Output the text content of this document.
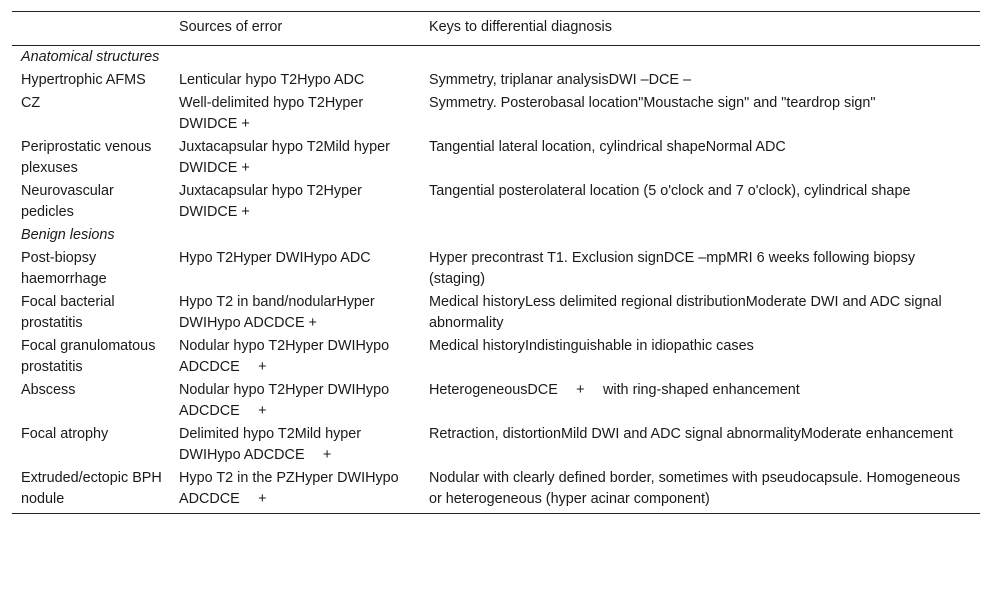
	Sources of error	Keys to differential diagnosis
Anatomical structures		
Hypertrophic AFMS	Lenticular hypo T2Hypo ADC	Symmetry, triplanar analysisDWI –DCE –
CZ	Well-delimited hypo T2Hyper DWIDCE +	Symmetry. Posterobasal location"Moustache sign" and "teardrop sign"
Periprostatic venous plexuses	Juxtacapsular hypo T2Mild hyper DWIDCE +	Tangential lateral location, cylindrical shapeNormal ADC
Neurovascular pedicles	Juxtacapsular hypo T2Hyper DWIDCE +	Tangential posterolateral location (5 o'clock and 7 o'clock), cylindrical shape
Benign lesions		
Post-biopsy haemorrhage	Hypo T2Hyper DWIHypo ADC	Hyper precontrast T1. Exclusion signDCE –mpMRI 6 weeks following biopsy (staging)
Focal bacterial prostatitis	Hypo T2 in band/nodularHyper DWIHypo ADCDCE +	Medical historyLess delimited regional distributionModerate DWI and ADC signal abnormality
Focal granulomatous prostatitis	Nodular hypo T2Hyper DWIHypo ADCDCE  +	Medical historyIndistinguishable in idiopathic cases
Abscess	Nodular hypo T2Hyper DWIHypo ADCDCE  +	HeterogeneousDCE  +  with ring-shaped enhancement
Focal atrophy	Delimited hypo T2Mild hyper DWIHypo ADCDCE  +	Retraction, distortionMild DWI and ADC signal abnormalityModerate enhancement
Extruded/ectopic BPH nodule	Hypo T2 in the PZHyper DWIHypo ADCDCE  +	Nodular with clearly defined border, sometimes with pseudocapsule. Homogeneous or heterogeneous (hyper acinar component)
